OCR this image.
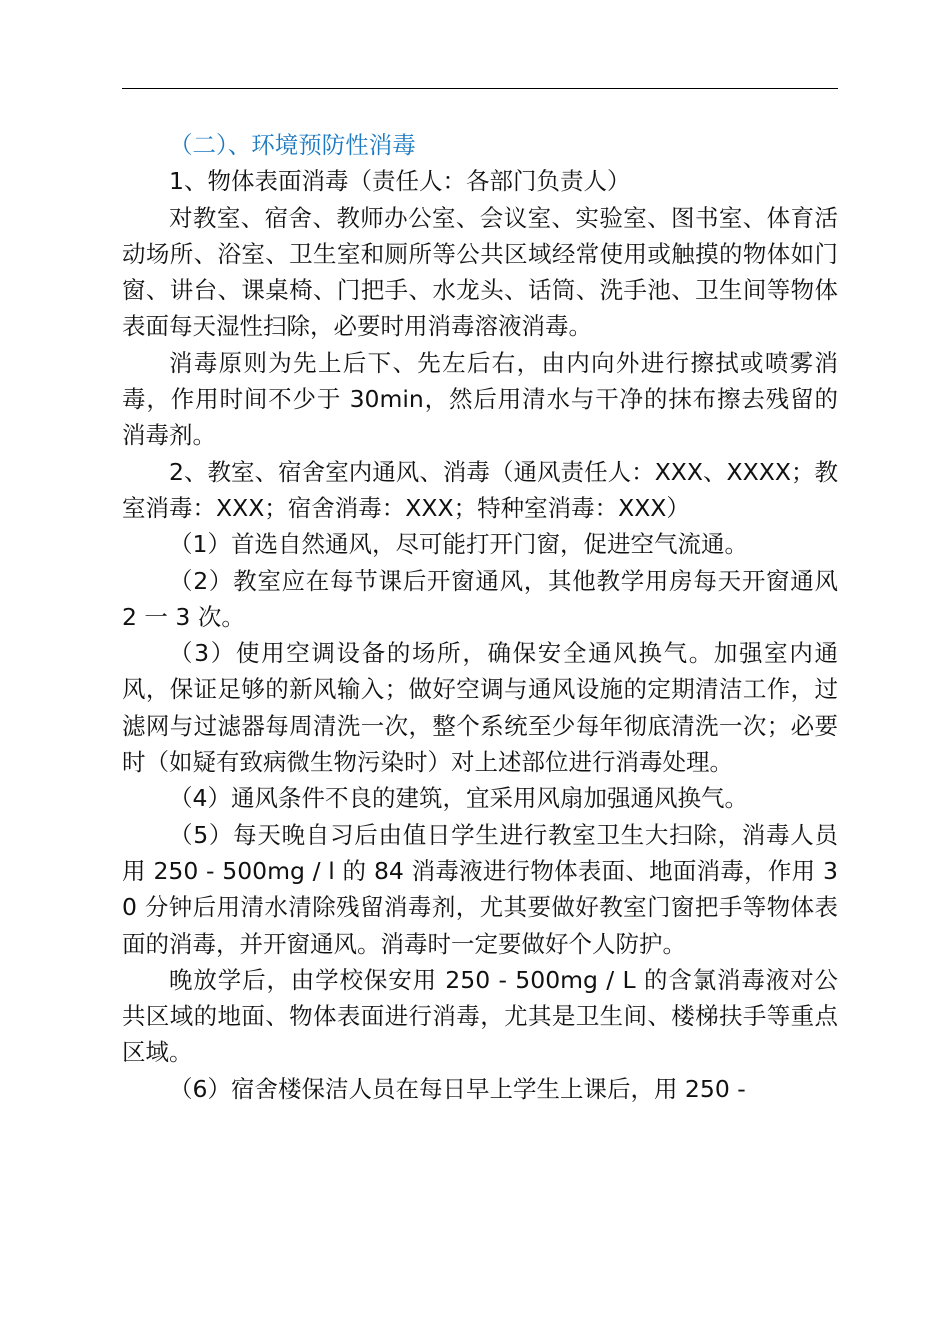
（二）、环境预防性消毒

1、物体表面消毒（责任人：各部门负责人）

对教室、宿舍、教师办公室、会议室、实验室、图书室、体育活动场所、浴室、卫生室和厕所等公共区域经常使用或触摸的物体如门窗、讲台、课桌椅、门把手、水龙头、话筒、洗手池、卫生间等物体表面每天湿性扫除，必要时用消毒溶液消毒。

消毒原则为先上后下、先左后右，由内向外进行擦拭或喷雾消毒，作用时间不少于 30min，然后用清水与干净的抹布擦去残留的消毒剂。

2、教室、宿舍室内通风、消毒（通风责任人：XXX、XXXX；教室消毒：XXX；宿舍消毒：XXX；特种室消毒：XXX）

（1）首选自然通风，尽可能打开门窗，促进空气流通。

（2）教室应在每节课后开窗通风，其他教学用房每天开窗通风 2 一 3 次。

（3）使用空调设备的场所，确保安全通风换气。加强室内通风，保证足够的新风输入；做好空调与通风设施的定期清洁工作，过滤网与过滤器每周清洗一次，整个系统至少每年彻底清洗一次；必要时（如疑有致病微生物污染时）对上述部位进行消毒处理。

（4）通风条件不良的建筑，宜采用风扇加强通风换气。

（5）每天晚自习后由值日学生进行教室卫生大扫除，消毒人员用 250 - 500mg / l 的 84 消毒液进行物体表面、地面消毒，作用 30 分钟后用清水清除残留消毒剂，尤其要做好教室门窗把手等物体表面的消毒，并开窗通风。消毒时一定要做好个人防护。

晚放学后，由学校保安用 250 - 500mg / L 的含氯消毒液对公共区域的地面、物体表面进行消毒，尤其是卫生间、楼梯扶手等重点区域。

（6）宿舍楼保洁人员在每日早上学生上课后，用 250 -
